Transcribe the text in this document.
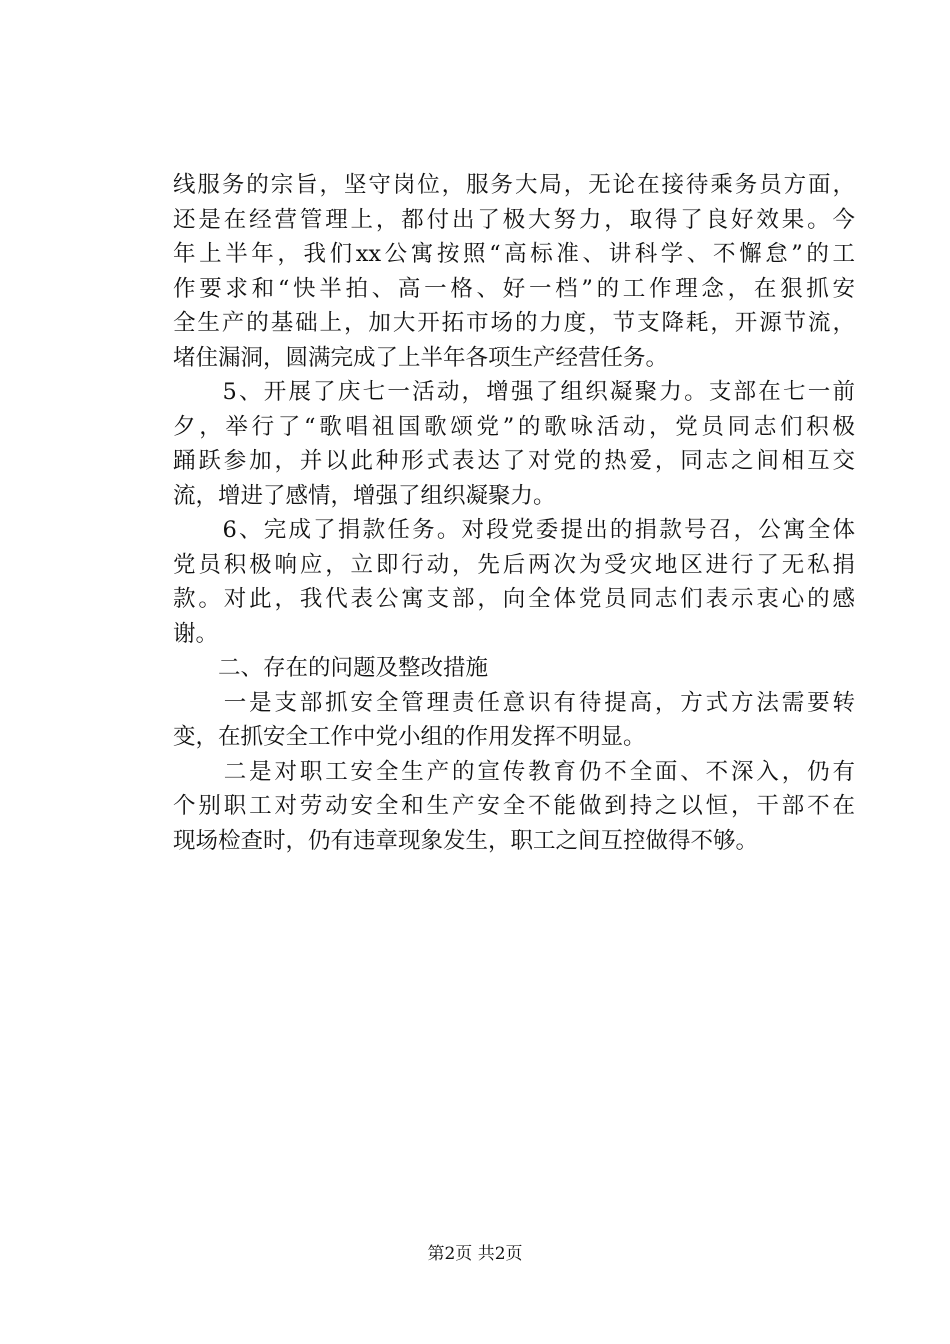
线服务的宗旨，坚守岗位，服务大局，无论在接待乘务员方面，
还是在经营管理上，都付出了极大努力，取得了良好效果。今
年上半年，我们xx公寓按照“高标准、讲科学、不懈怠”的工
作要求和“快半拍、高一格、好一档”的工作理念，在狠抓安
全生产的基础上，加大开拓市场的力度，节支降耗，开源节流，
堵住漏洞，圆满完成了上半年各项生产经营任务。
　　5、开展了庆七一活动，增强了组织凝聚力。支部在七一前
夕，举行了“歌唱祖国歌颂党”的歌咏活动，党员同志们积极
踊跃参加，并以此种形式表达了对党的热爱，同志之间相互交
流，增进了感情，增强了组织凝聚力。
　　6、完成了捐款任务。对段党委提出的捐款号召，公寓全体
党员积极响应，立即行动，先后两次为受灾地区进行了无私捐
款。对此，我代表公寓支部，向全体党员同志们表示衷心的感
谢。
　　二、存在的问题及整改措施
　　一是支部抓安全管理责任意识有待提高，方式方法需要转
变，在抓安全工作中党小组的作用发挥不明显。
　　二是对职工安全生产的宣传教育仍不全面、不深入，仍有
个别职工对劳动安全和生产安全不能做到持之以恒，干部不在
现场检查时，仍有违章现象发生，职工之间互控做得不够。
第2页 共2页
